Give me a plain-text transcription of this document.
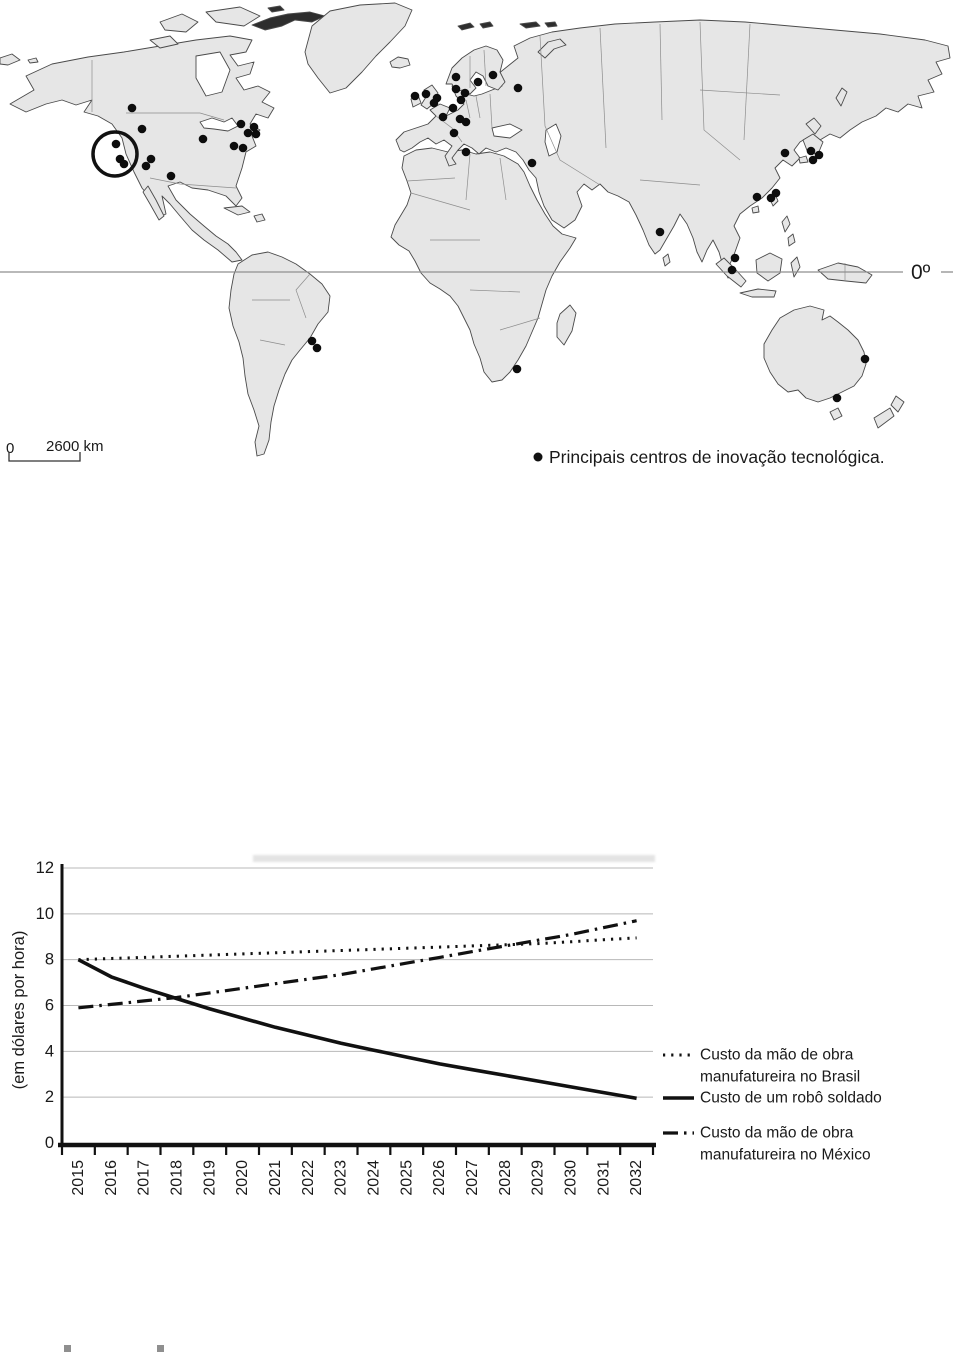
0º
0 2600 km
Principais centros de inovação tecnológica.
0
2
4
6
8
10
12
2015 2016 2017 2018 2019 2020 2021 2022 2023 2024 2025 2026 2027 2028 2029 2030 2031 2032
(em dólares por hora)	Custo da mão de obra
manufatureira no Brasil
Custo de um robô soldado
Custo da mão de obra
manufatureira no México
